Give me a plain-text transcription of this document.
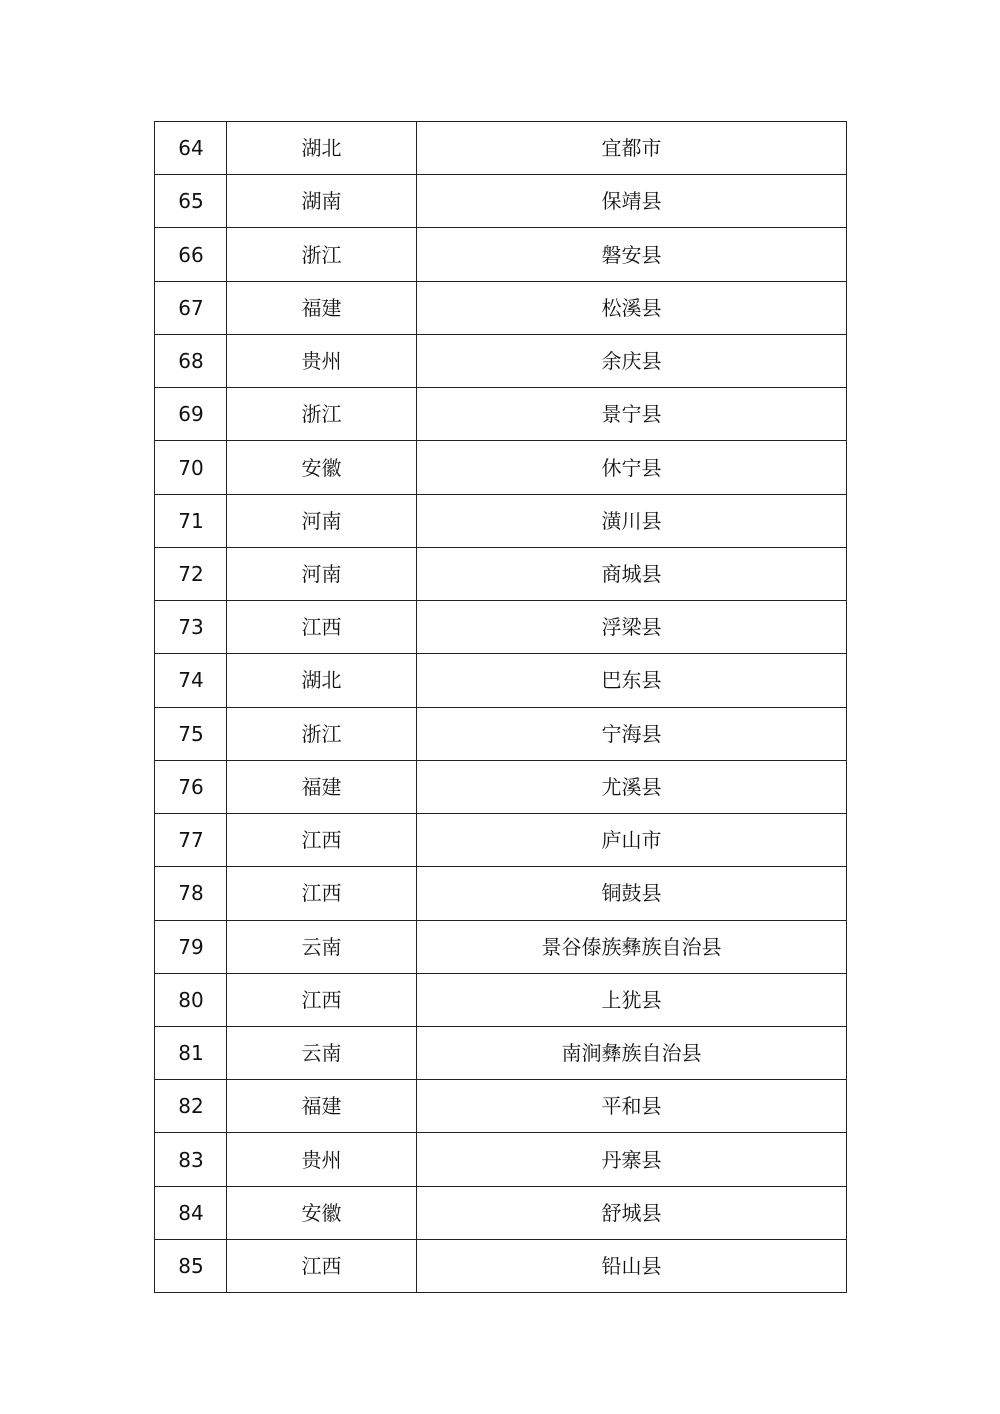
64	湖北	宜都市
65	湖南	保靖县
66	浙江	磐安县
67	福建	松溪县
68	贵州	余庆县
69	浙江	景宁县
70	安徽	休宁县
71	河南	潢川县
72	河南	商城县
73	江西	浮梁县
74	湖北	巴东县
75	浙江	宁海县
76	福建	尤溪县
77	江西	庐山市
78	江西	铜鼓县
79	云南	景谷傣族彝族自治县
80	江西	上犹县
81	云南	南涧彝族自治县
82	福建	平和县
83	贵州	丹寨县
84	安徽	舒城县
85	江西	铅山县
